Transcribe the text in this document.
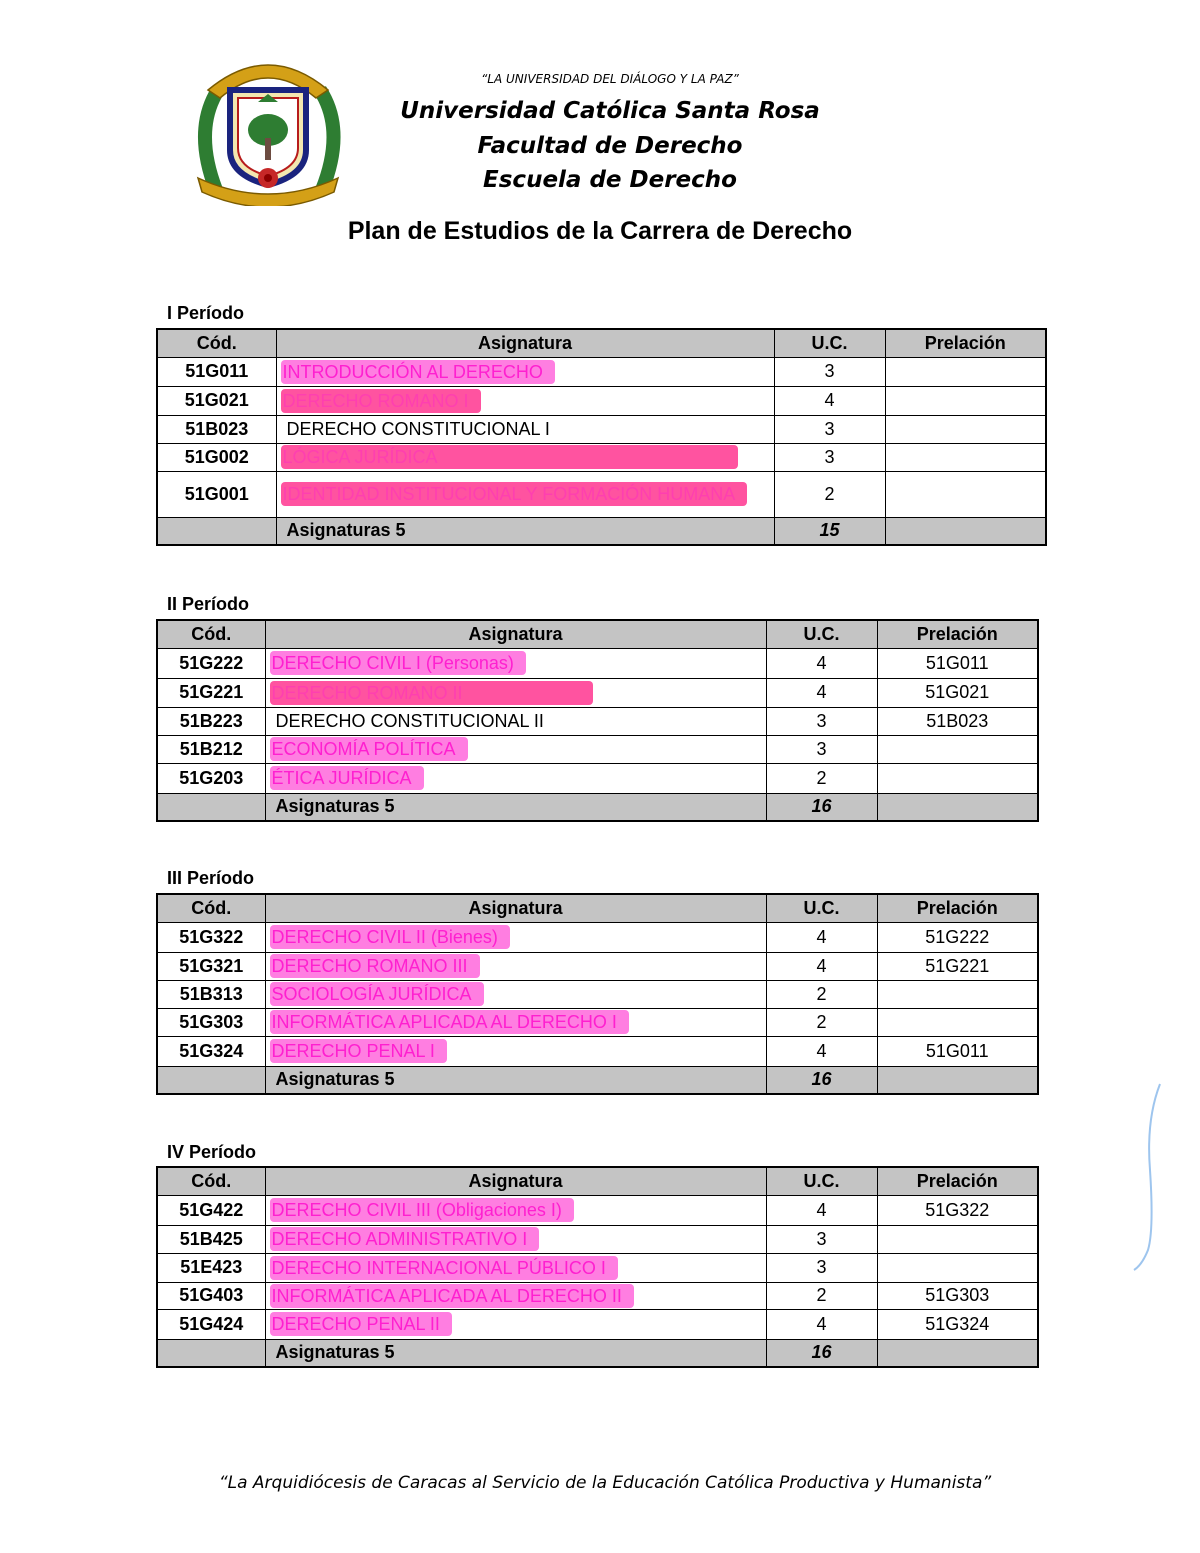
“LA UNIVERSIDAD DEL DIÁLOGO Y LA PAZ”
Universidad Católica Santa Rosa
Facultad de Derecho
Escuela de Derecho
Plan de Estudios de la Carrera de Derecho
I Período
Cód.	Asignatura	U.C.	Prelación
51G011	INTRODUCCIÓN AL DERECHO	3	
51G021	DERECHO ROMANO I	4	
51B023	DERECHO CONSTITUCIONAL I	3	
51G002	LÓGICA JURÍDICA	3	
51G001	IDENTIDAD INSTITUCIONAL Y FORMACIÓN HUMANA	2	
	Asignaturas 5	15	
II Período
Cód.	Asignatura	U.C.	Prelación
51G222	DERECHO CIVIL I (Personas)	4	51G011
51G221	DERECHO ROMANO II	4	51G021
51B223	DERECHO CONSTITUCIONAL II	3	51B023
51B212	ECONOMÍA POLÍTICA	3	
51G203	ÉTICA JURÍDICA	2	
	Asignaturas 5	16	
III Período
Cód.	Asignatura	U.C.	Prelación
51G322	DERECHO CIVIL II (Bienes)	4	51G222
51G321	DERECHO ROMANO III	4	51G221
51B313	SOCIOLOGÍA JURÍDICA	2	
51G303	INFORMÁTICA APLICADA AL DERECHO I	2	
51G324	DERECHO PENAL I	4	51G011
	Asignaturas 5	16	
IV Período
Cód.	Asignatura	U.C.	Prelación
51G422	DERECHO CIVIL III (Obligaciones I)	4	51G322
51B425	DERECHO ADMINISTRATIVO I	3	
51E423	DERECHO INTERNACIONAL PÚBLICO I	3	
51G403	INFORMÁTICA APLICADA AL DERECHO II	2	51G303
51G424	DERECHO PENAL II	4	51G324
	Asignaturas 5	16	
“La Arquidiócesis de Caracas al Servicio de la Educación Católica Productiva y Humanista”
